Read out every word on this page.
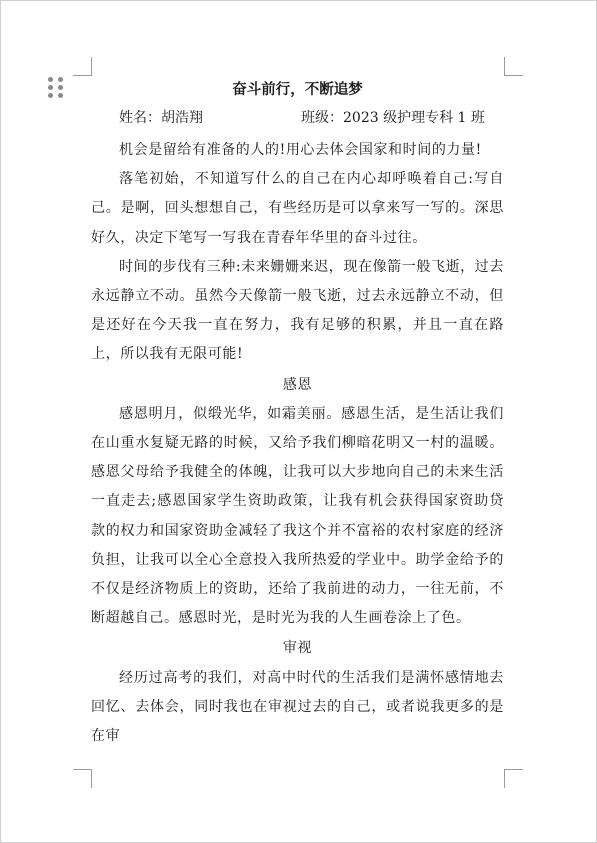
奋斗前行，不断追梦
姓名：胡浩翔	班级：2023 级护理专科 1 班

机会是留给有准备的人的!用心去体会国家和时间的力量!

落笔初始，不知道写什么的自己在内心却呼唤着自己:写自己。是啊，回头想想自己，有些经历是可以拿来写一写的。深思好久，决定下笔写一写我在青春年华里的奋斗过往。

时间的步伐有三种:未来姗姗来迟，现在像箭一般飞逝，过去永远静立不动。虽然今天像箭一般飞逝，过去永远静立不动，但是还好在今天我一直在努力，我有足够的积累，并且一直在路上，所以我有无限可能!

感恩

感恩明月，似缎光华，如霜美丽。感恩生活，是生活让我们在山重水复疑无路的时候，又给予我们柳暗花明又一村的温暖。感恩父母给予我健全的体魄，让我可以大步地向自己的未来生活一直走去;感恩国家学生资助政策，让我有机会获得国家资助贷款的权力和国家资助金减轻了我这个并不富裕的农村家庭的经济负担，让我可以全心全意投入我所热爱的学业中。助学金给予的不仅是经济物质上的资助，还给了我前进的动力，一往无前，不断超越自己。感恩时光，是时光为我的人生画卷涂上了色。

审视

经历过高考的我们，对高中时代的生活我们是满怀感情地去回忆、去体会，同时我也在审视过去的自己，或者说我更多的是在审
